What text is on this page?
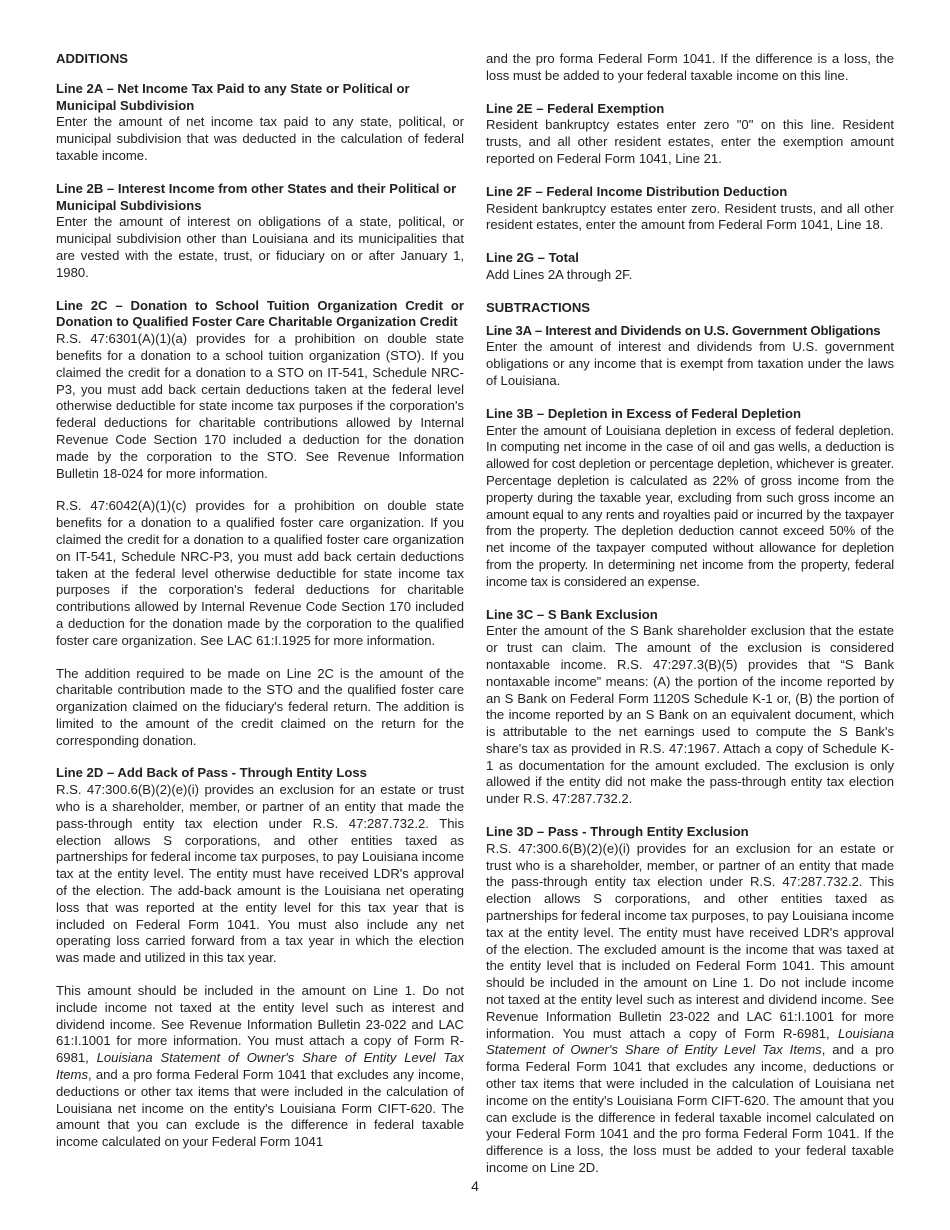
ADDITIONS
Line 2A – Net Income Tax Paid to any State or Political or Municipal Subdivision
Enter the amount of net income tax paid to any state, political, or municipal subdivision that was deducted in the calculation of federal taxable income.
Line 2B – Interest Income from other States and their Political or Municipal Subdivisions
Enter the amount of interest on obligations of a state, political, or municipal subdivision other than Louisiana and its municipalities that are vested with the estate, trust, or fiduciary on or after January 1, 1980.
Line 2C – Donation to School Tuition Organization Credit or Donation to Qualified Foster Care Charitable Organization Credit
R.S. 47:6301(A)(1)(a) provides for a prohibition on double state benefits for a donation to a school tuition organization (STO). If you claimed the credit for a donation to a STO on IT-541, Schedule NRC-P3, you must add back certain deductions taken at the federal level otherwise deductible for state income tax purposes if the corporation's federal deductions for charitable contributions allowed by Internal Revenue Code Section 170 included a deduction for the donation made by the corporation to the STO. See Revenue Information Bulletin 18-024 for more information.
R.S. 47:6042(A)(1)(c) provides for a prohibition on double state benefits for a donation to a qualified foster care organization. If you claimed the credit for a donation to a qualified foster care organization on IT-541, Schedule NRC-P3, you must add back certain deductions taken at the federal level otherwise deductible for state income tax purposes if the corporation's federal deductions for charitable contributions allowed by Internal Revenue Code Section 170 included a deduction for the donation made by the corporation to the qualified foster care organization. See LAC 61:I.1925 for more information.
The addition required to be made on Line 2C is the amount of the charitable contribution made to the STO and the qualified foster care organization claimed on the fiduciary's federal return. The addition is limited to the amount of the credit claimed on the return for the corresponding donation.
Line 2D – Add Back of Pass - Through Entity Loss
R.S. 47:300.6(B)(2)(e)(i) provides an exclusion for an estate or trust who is a shareholder, member, or partner of an entity that made the pass-through entity tax election under R.S. 47:287.732.2. This election allows S corporations, and other entities taxed as partnerships for federal income tax purposes, to pay Louisiana income tax at the entity level. The entity must have received LDR's approval of the election. The add-back amount is the Louisiana net operating loss that was reported at the entity level for this tax year that is included on Federal Form 1041. You must also include any net operating loss carried forward from a tax year in which the election was made and utilized in this tax year.
This amount should be included in the amount on Line 1. Do not include income not taxed at the entity level such as interest and dividend income. See Revenue Information Bulletin 23-022 and LAC 61:I.1001 for more information. You must attach a copy of Form R-6981, Louisiana Statement of Owner's Share of Entity Level Tax Items, and a pro forma Federal Form 1041 that excludes any income, deductions or other tax items that were included in the calculation of Louisiana net income on the entity's Louisiana Form CIFT-620. The amount that you can exclude is the difference in federal taxable income calculated on your Federal Form 1041
and the pro forma Federal Form 1041. If the difference is a loss, the loss must be added to your federal taxable income on this line.
Line 2E – Federal Exemption
Resident bankruptcy estates enter zero "0" on this line. Resident trusts, and all other resident estates, enter the exemption amount reported on Federal Form 1041, Line 21.
Line 2F – Federal Income Distribution Deduction
Resident bankruptcy estates enter zero. Resident trusts, and all other resident estates, enter the amount from Federal Form 1041, Line 18.
Line 2G – Total
Add Lines 2A through 2F.
SUBTRACTIONS
Line 3A – Interest and Dividends on U.S. Government Obligations
Enter the amount of interest and dividends from U.S. government obligations or any income that is exempt from taxation under the laws of Louisiana.
Line 3B – Depletion in Excess of Federal Depletion
Enter the amount of Louisiana depletion in excess of federal depletion. In computing net income in the case of oil and gas wells, a deduction is allowed for cost depletion or percentage depletion, whichever is greater. Percentage depletion is calculated as 22% of gross income from the property during the taxable year, excluding from such gross income an amount equal to any rents and royalties paid or incurred by the taxpayer from the property. The depletion deduction cannot exceed 50% of the net income of the taxpayer computed without allowance for depletion from the property. In determining net income from the property, federal income tax is considered an expense.
Line 3C – S Bank Exclusion
Enter the amount of the S Bank shareholder exclusion that the estate or trust can claim. The amount of the exclusion is considered nontaxable income. R.S. 47:297.3(B)(5) provides that “S Bank nontaxable income” means: (A) the portion of the income reported by an S Bank on Federal Form 1120S Schedule K-1 or, (B) the portion of the income reported by an S Bank on an equivalent document, which is attributable to the net earnings used to compute the S Bank's share's tax as provided in R.S. 47:1967. Attach a copy of Schedule K-1 as documentation for the amount excluded. The exclusion is only allowed if the entity did not make the pass-through entity tax election under R.S. 47:287.732.2.
Line 3D – Pass - Through Entity Exclusion
R.S. 47:300.6(B)(2)(e)(i) provides for an exclusion for an estate or trust who is a shareholder, member, or partner of an entity that made the pass-through entity tax election under R.S. 47:287.732.2. This election allows S corporations, and other entities taxed as partnerships for federal income tax purposes, to pay Louisiana income tax at the entity level. The entity must have received LDR's approval of the election. The excluded amount is the income that was taxed at the entity level that is included on Federal Form 1041. This amount should be included in the amount on Line 1. Do not include income not taxed at the entity level such as interest and dividend income. See Revenue Information Bulletin 23-022 and LAC 61:I.1001 for more information. You must attach a copy of Form R-6981, Louisiana Statement of Owner's Share of Entity Level Tax Items, and a pro forma Federal Form 1041 that excludes any income, deductions or other tax items that were included in the calculation of Louisiana net income on the entity's Louisiana Form CIFT-620. The amount that you can exclude is the difference in federal taxable incomel calculated on your Federal Form 1041 and the pro forma Federal Form 1041. If the difference is a loss, the loss must be added to your federal taxable income on Line 2D.
4
